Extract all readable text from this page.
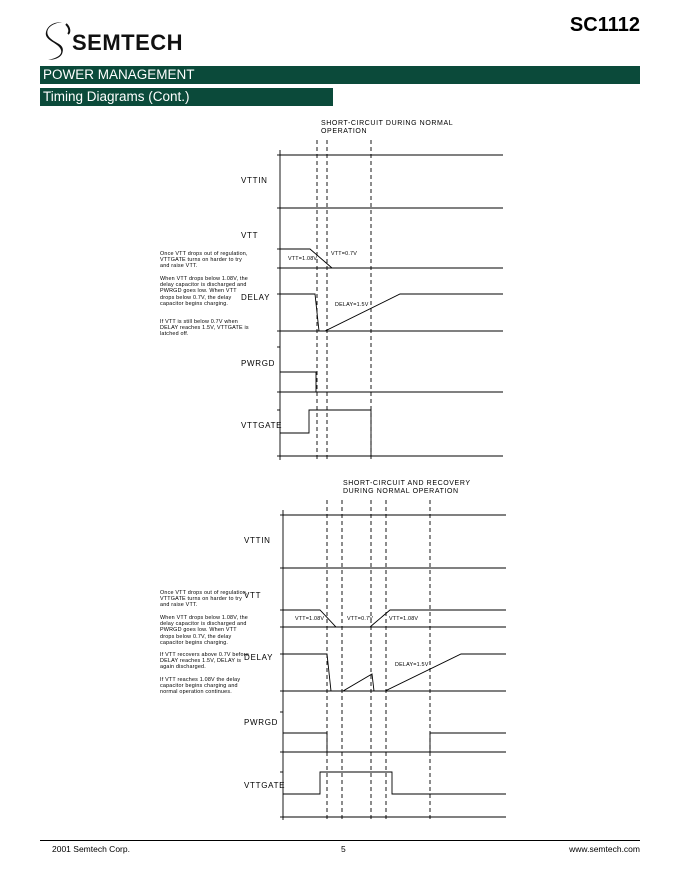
SEMTECH
SC1112
POWER MANAGEMENT
Timing Diagrams (Cont.)
SHORT-CIRCUIT DURING NORMAL
OPERATION
VTTIN
VTT
DELAY
PWRGD
VTTGATE
VTT=1.08V
VTT=0.7V
DELAY=1.5V
Once VTT drops out of regulation, VTTGATE turns on harder to try and raise VTT.
When VTT drops below 1.08V, the delay capacitor is discharged and PWRGD goes low. When VTT drops below 0.7V, the delay capacitor begins charging.
If VTT is still below 0.7V when DELAY reaches 1.5V, VTTGATE is latched off.
SHORT-CIRCUIT AND RECOVERY
DURING NORMAL OPERATION
VTTIN
VTT
DELAY
PWRGD
VTTGATE
VTT=1.08V	VTT=0.7V	VTT=1.08V
DELAY=1.5V
Once VTT drops out of regulation, VTTGATE turns on harder to try and raise VTT.
When VTT drops below 1.08V, the delay capacitor is discharged and PWRGD goes low. When VTT drops below 0.7V, the delay capacitor begins charging.
If VTT recovers above 0.7V before DELAY reaches 1.5V, DELAY is again discharged.
If VTT reaches 1.08V the delay capacitor begins charging and normal operation continues.
2001 Semtech Corp.	5	www.semtech.com
